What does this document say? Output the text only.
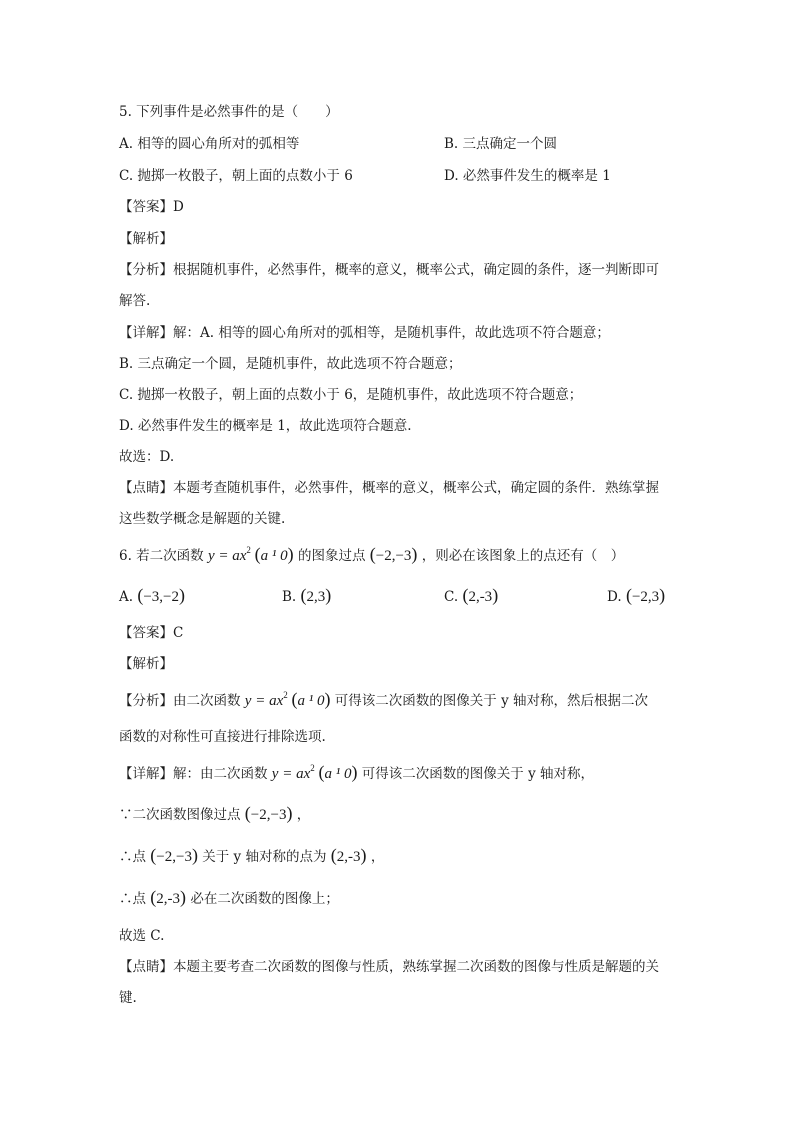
5. 下列事件是必然事件的是（　　）
A. 相等的圆心角所对的弧相等	B. 三点确定一个圆
C. 抛掷一枚骰子，朝上面的点数小于 6	D. 必然事件发生的概率是 1
【答案】D
【解析】
【分析】根据随机事件，必然事件，概率的意义，概率公式，确定圆的条件，逐一判断即可
解答.
【详解】解：A. 相等的圆心角所对的弧相等，是随机事件，故此选项不符合题意；
B. 三点确定一个圆，是随机事件，故此选项不符合题意；
C. 抛掷一枚骰子，朝上面的点数小于 6，是随机事件，故此选项不符合题意；
D. 必然事件发生的概率是 1，故此选项符合题意.
故选：D.
【点睛】本题考查随机事件，必然事件，概率的意义，概率公式，确定圆的条件．熟练掌握
这些数学概念是解题的关键.
6. 若二次函数 $y = ax^2$ (a ¹ 0) 的图象过点 (−2,−3) ，则必在该图象上的点还有（　）
A. (−3,−2)	B. (2,3)	C. (2,-3)	D. (−2,3)
【答案】C
【解析】
【分析】由二次函数 $y = ax^2$ (a ¹ 0) 可得该二次函数的图像关于 y 轴对称，然后根据二次
函数的对称性可直接进行排除选项.
【详解】解：由二次函数 $y = ax^2$ (a ¹ 0) 可得该二次函数的图像关于 y 轴对称，
∵二次函数图像过点 (−2,−3) ，
∴点 (−2,−3) 关于 y 轴对称的点为 (2,-3) ，
∴点 (2,-3) 必在二次函数的图像上；
故选 C.
【点睛】本题主要考查二次函数的图像与性质，熟练掌握二次函数的图像与性质是解题的关
键.
